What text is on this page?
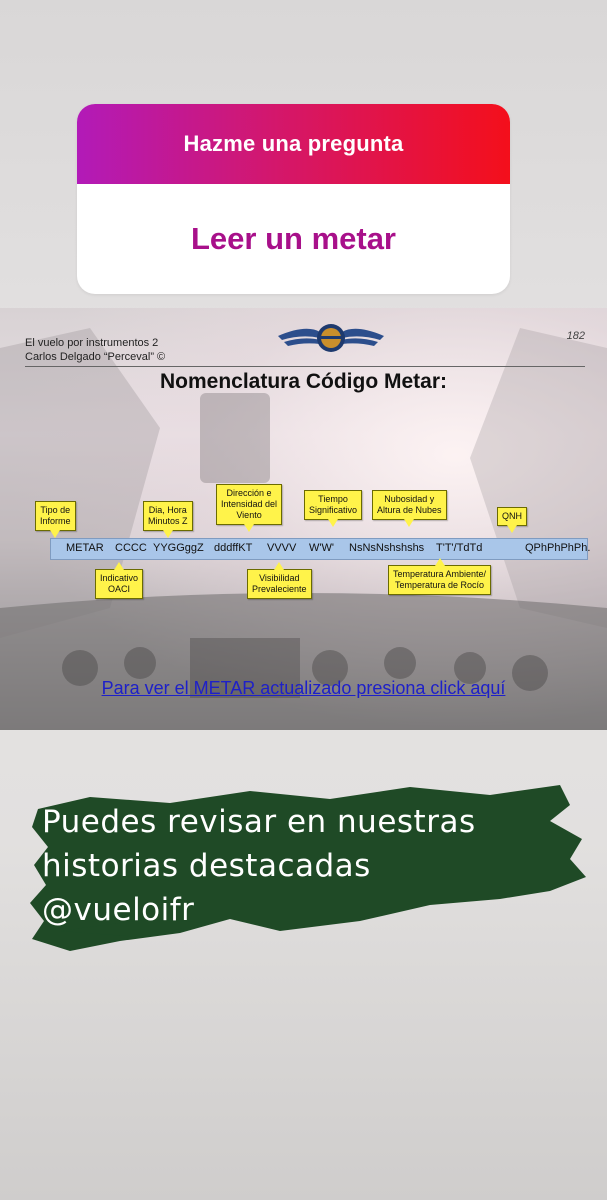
Hazme una pregunta
Leer un metar
El vuelo por instrumentos 2
Carlos Delgado “Perceval” ©
182
Nomenclatura Código Metar:
Tipo de
Informe
Dia, Hora
Minutos Z
Dirección e
Intensidad del
Viento
Tiempo
Significativo
Nubosidad y
Altura de Nubes
QNH
METAR CCCC YYGGggZ dddffKT VVVV W'W' NsNsNshshshs T'T'/TdTd	QPhPhPhPh.
Indicativo
OACI
Visibilidad
Prevaleciente
Temperatura Ambiente/
Temperatura de Rocío
Para ver el METAR actualizado presiona click aquí
Puedes revisar en nuestras
historias destacadas
@vueloifr
